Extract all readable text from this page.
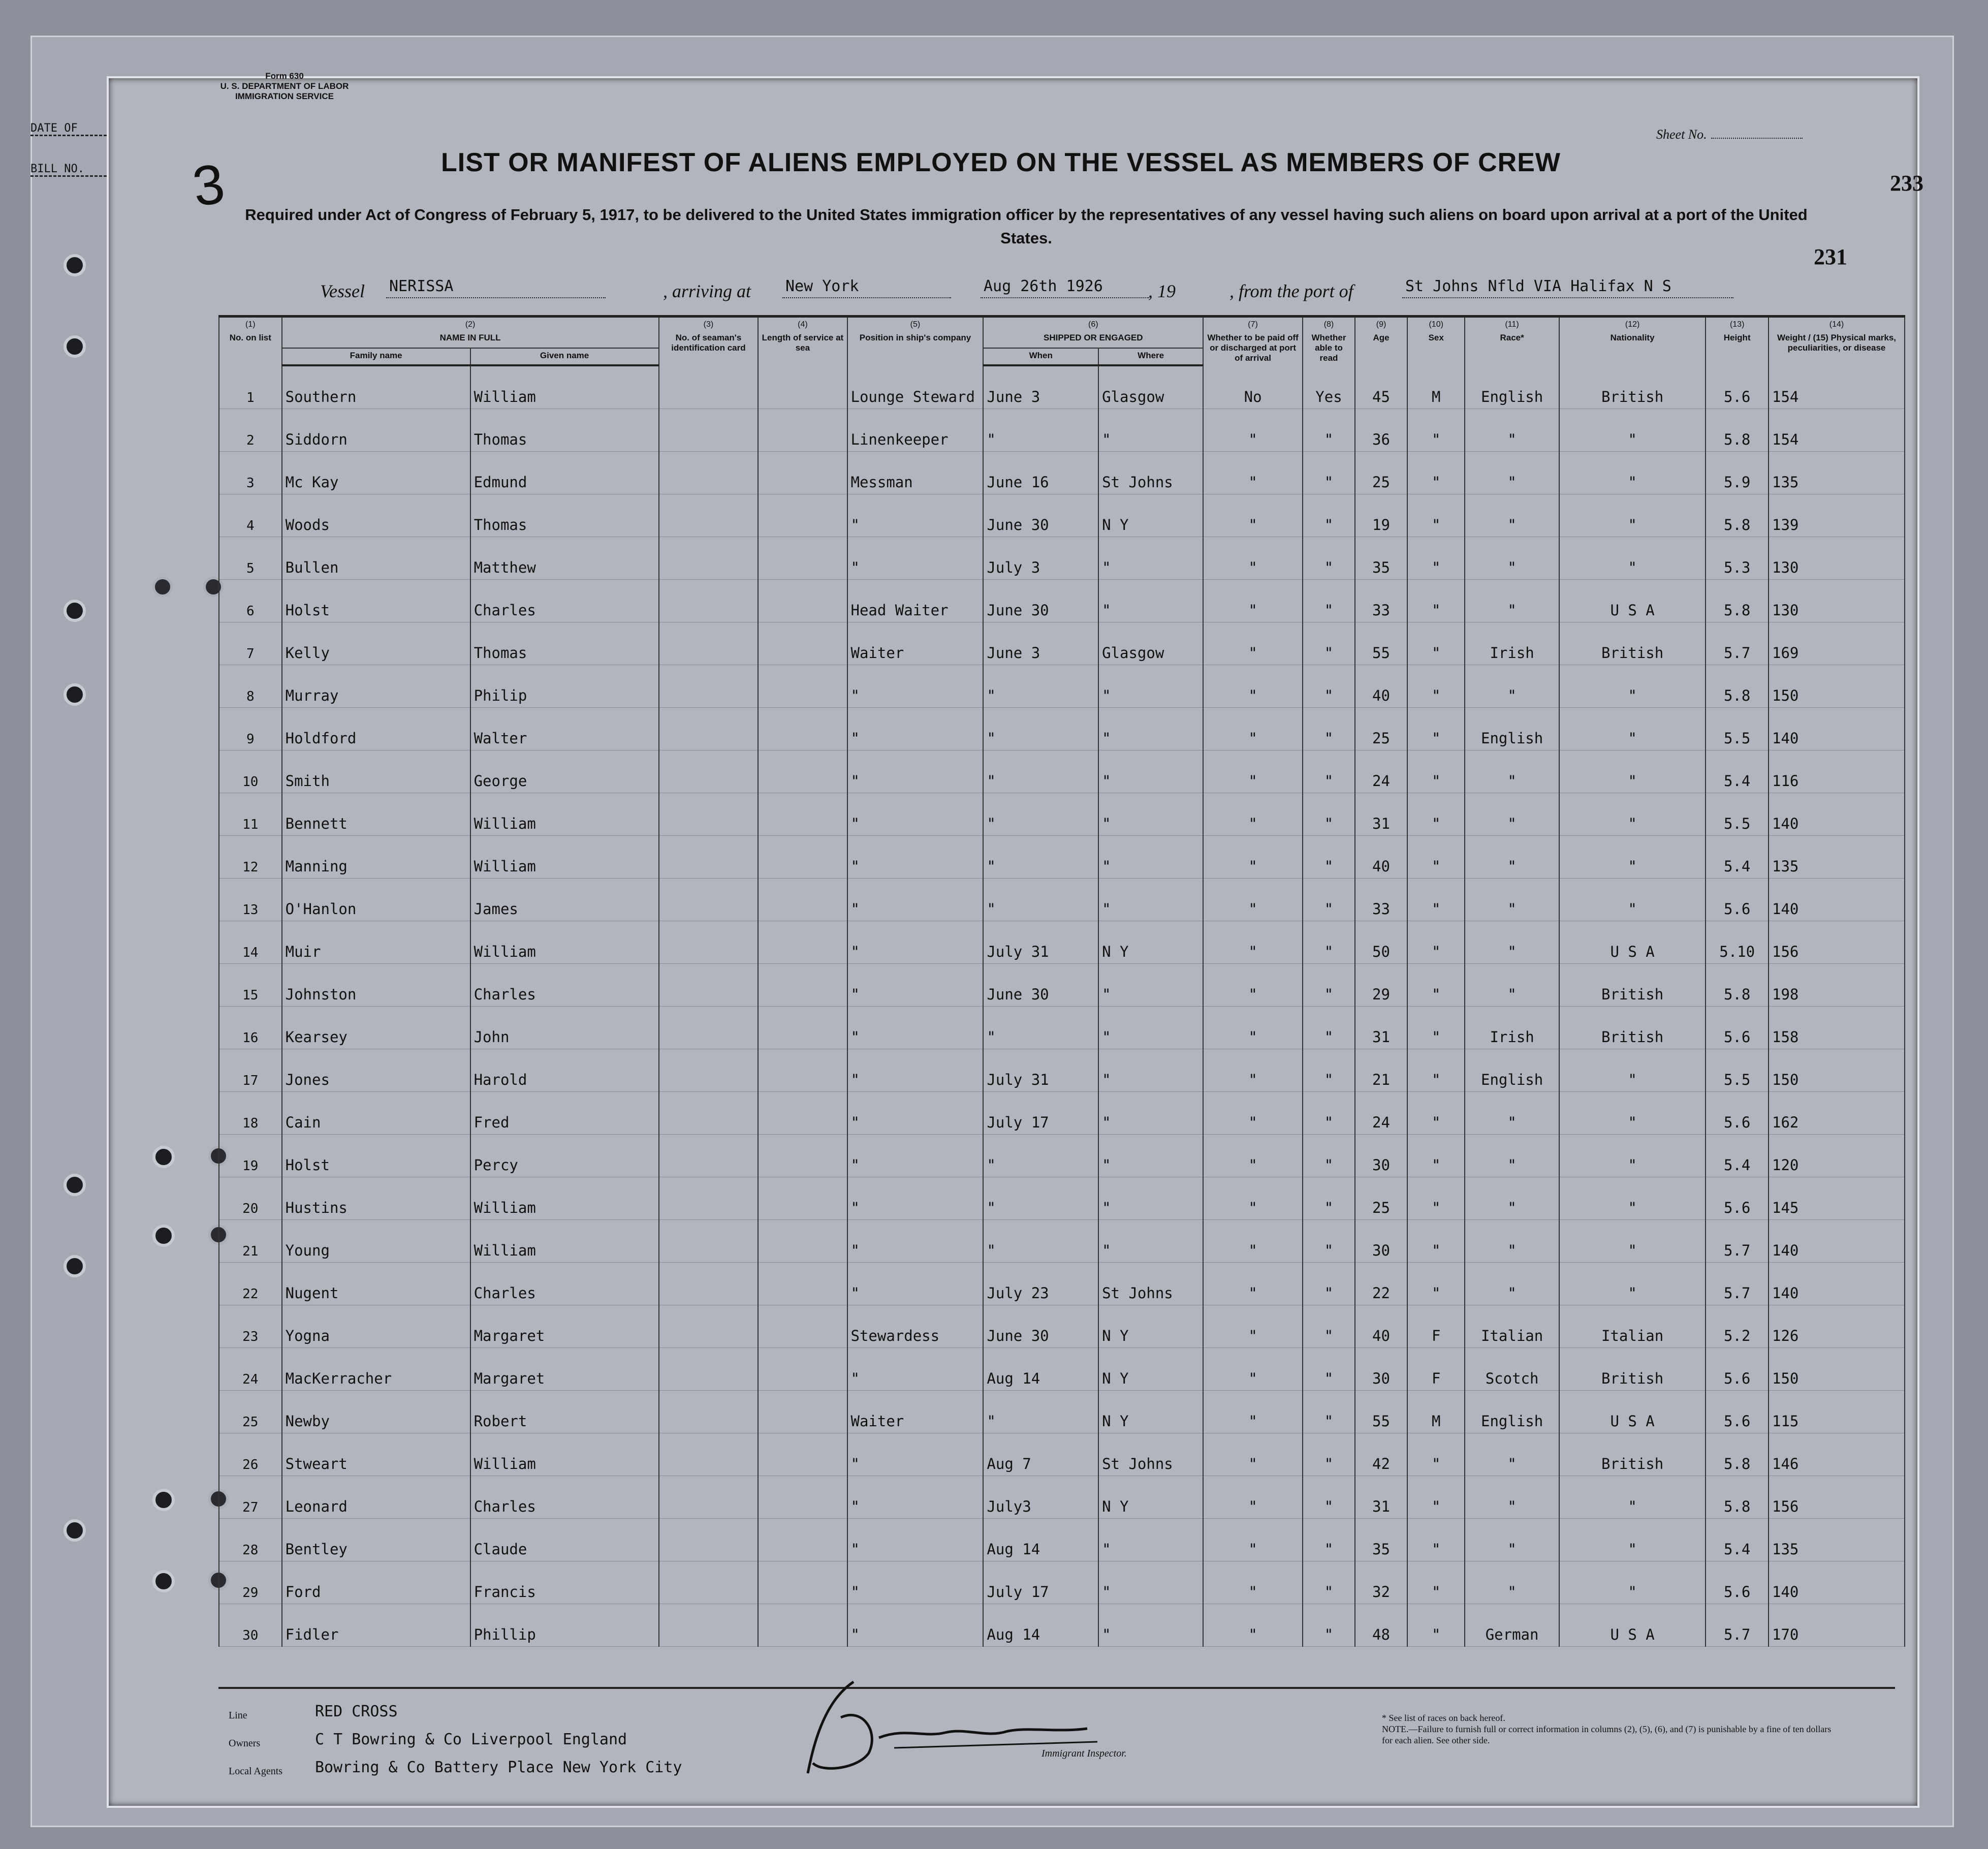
DATE OF
BILL NO.
Form 630
U. S. DEPARTMENT OF LABOR
IMMIGRATION SERVICE
3
Sheet No.
233
231
LIST OR MANIFEST OF ALIENS EMPLOYED ON THE VESSEL AS MEMBERS OF CREW
Required under Act of Congress of February 5, 1917, to be delivered to the United States immigration officer by the representatives of any vessel having such aliens on board upon arrival at a port of the United States.
Vessel NERISSA	, arriving at New York	Aug 26th 1926	, 19	, from the port of	St Johns Nfld VIA Halifax N S
(1)
No. on list	(2)
NAME IN FULL		(3)
No. of seaman's identification card	(4)
Length of service at sea	(5)
Position in ship's company	(6)
SHIPPED OR ENGAGED		(7)
Whether to be paid off or discharged at port of arrival	(8)
Whether able to read	(9)
Age	(10)
Sex	(11)
Race*	(12)
Nationality	(13)
Height	(14)
Weight / (15) Physical marks, peculiarities, or disease
	Family name	Given name				When	Where								
1	Southern	William			Lounge Steward	June 3	Glasgow	No	Yes	45	M	English	British	5.6	154
2	Siddorn	Thomas			Linenkeeper	"	"	"	"	36	"	"	"	5.8	154
3	Mc Kay	Edmund			Messman	June 16	St Johns	"	"	25	"	"	"	5.9	135
4	Woods	Thomas			"	June 30	N Y	"	"	19	"	"	"	5.8	139
5	Bullen	Matthew			"	July 3	"	"	"	35	"	"	"	5.3	130
6	Holst	Charles			Head Waiter	June 30	"	"	"	33	"	"	U S A	5.8	130
7	Kelly	Thomas			Waiter	June 3	Glasgow	"	"	55	"	Irish	British	5.7	169
8	Murray	Philip			"	"	"	"	"	40	"	"	"	5.8	150
9	Holdford	Walter			"	"	"	"	"	25	"	English	"	5.5	140
10	Smith	George			"	"	"	"	"	24	"	"	"	5.4	116
11	Bennett	William			"	"	"	"	"	31	"	"	"	5.5	140
12	Manning	William			"	"	"	"	"	40	"	"	"	5.4	135
13	O'Hanlon	James			"	"	"	"	"	33	"	"	"	5.6	140
14	Muir	William			"	July 31	N Y	"	"	50	"	"	U S A	5.10	156
15	Johnston	Charles			"	June 30	"	"	"	29	"	"	British	5.8	198
16	Kearsey	John			"	"	"	"	"	31	"	Irish	British	5.6	158
17	Jones	Harold			"	July 31	"	"	"	21	"	English	"	5.5	150
18	Cain	Fred			"	July 17	"	"	"	24	"	"	"	5.6	162
19	Holst	Percy			"	"	"	"	"	30	"	"	"	5.4	120
20	Hustins	William			"	"	"	"	"	25	"	"	"	5.6	145
21	Young	William			"	"	"	"	"	30	"	"	"	5.7	140
22	Nugent	Charles			"	July 23	St Johns	"	"	22	"	"	"	5.7	140
23	Yogna	Margaret			Stewardess	June 30	N Y	"	"	40	F	Italian	Italian	5.2	126
24	MacKerracher	Margaret			"	Aug 14	N Y	"	"	30	F	Scotch	British	5.6	150
25	Newby	Robert			Waiter	"	N Y	"	"	55	M	English	U S A	5.6	115
26	Stweart	William			"	Aug 7	St Johns	"	"	42	"	"	British	5.8	146
27	Leonard	Charles			"	July3	N Y	"	"	31	"	"	"	5.8	156
28	Bentley	Claude			"	Aug 14	"	"	"	35	"	"	"	5.4	135
29	Ford	Francis			"	July 17	"	"	"	32	"	"	"	5.6	140
30	Fidler	Phillip			"	Aug 14	"	"	"	48	"	German	U S A	5.7	170
Line	RED CROSS
Owners	C T Bowring & Co Liverpool England
Local Agents Bowring & Co Battery Place New York City
Immigrant Inspector.
* See list of races on back hereof.
NOTE.—Failure to furnish full or correct information in columns (2), (5), (6), and (7) is punishable by a fine of ten dollars for each alien. See other side.
